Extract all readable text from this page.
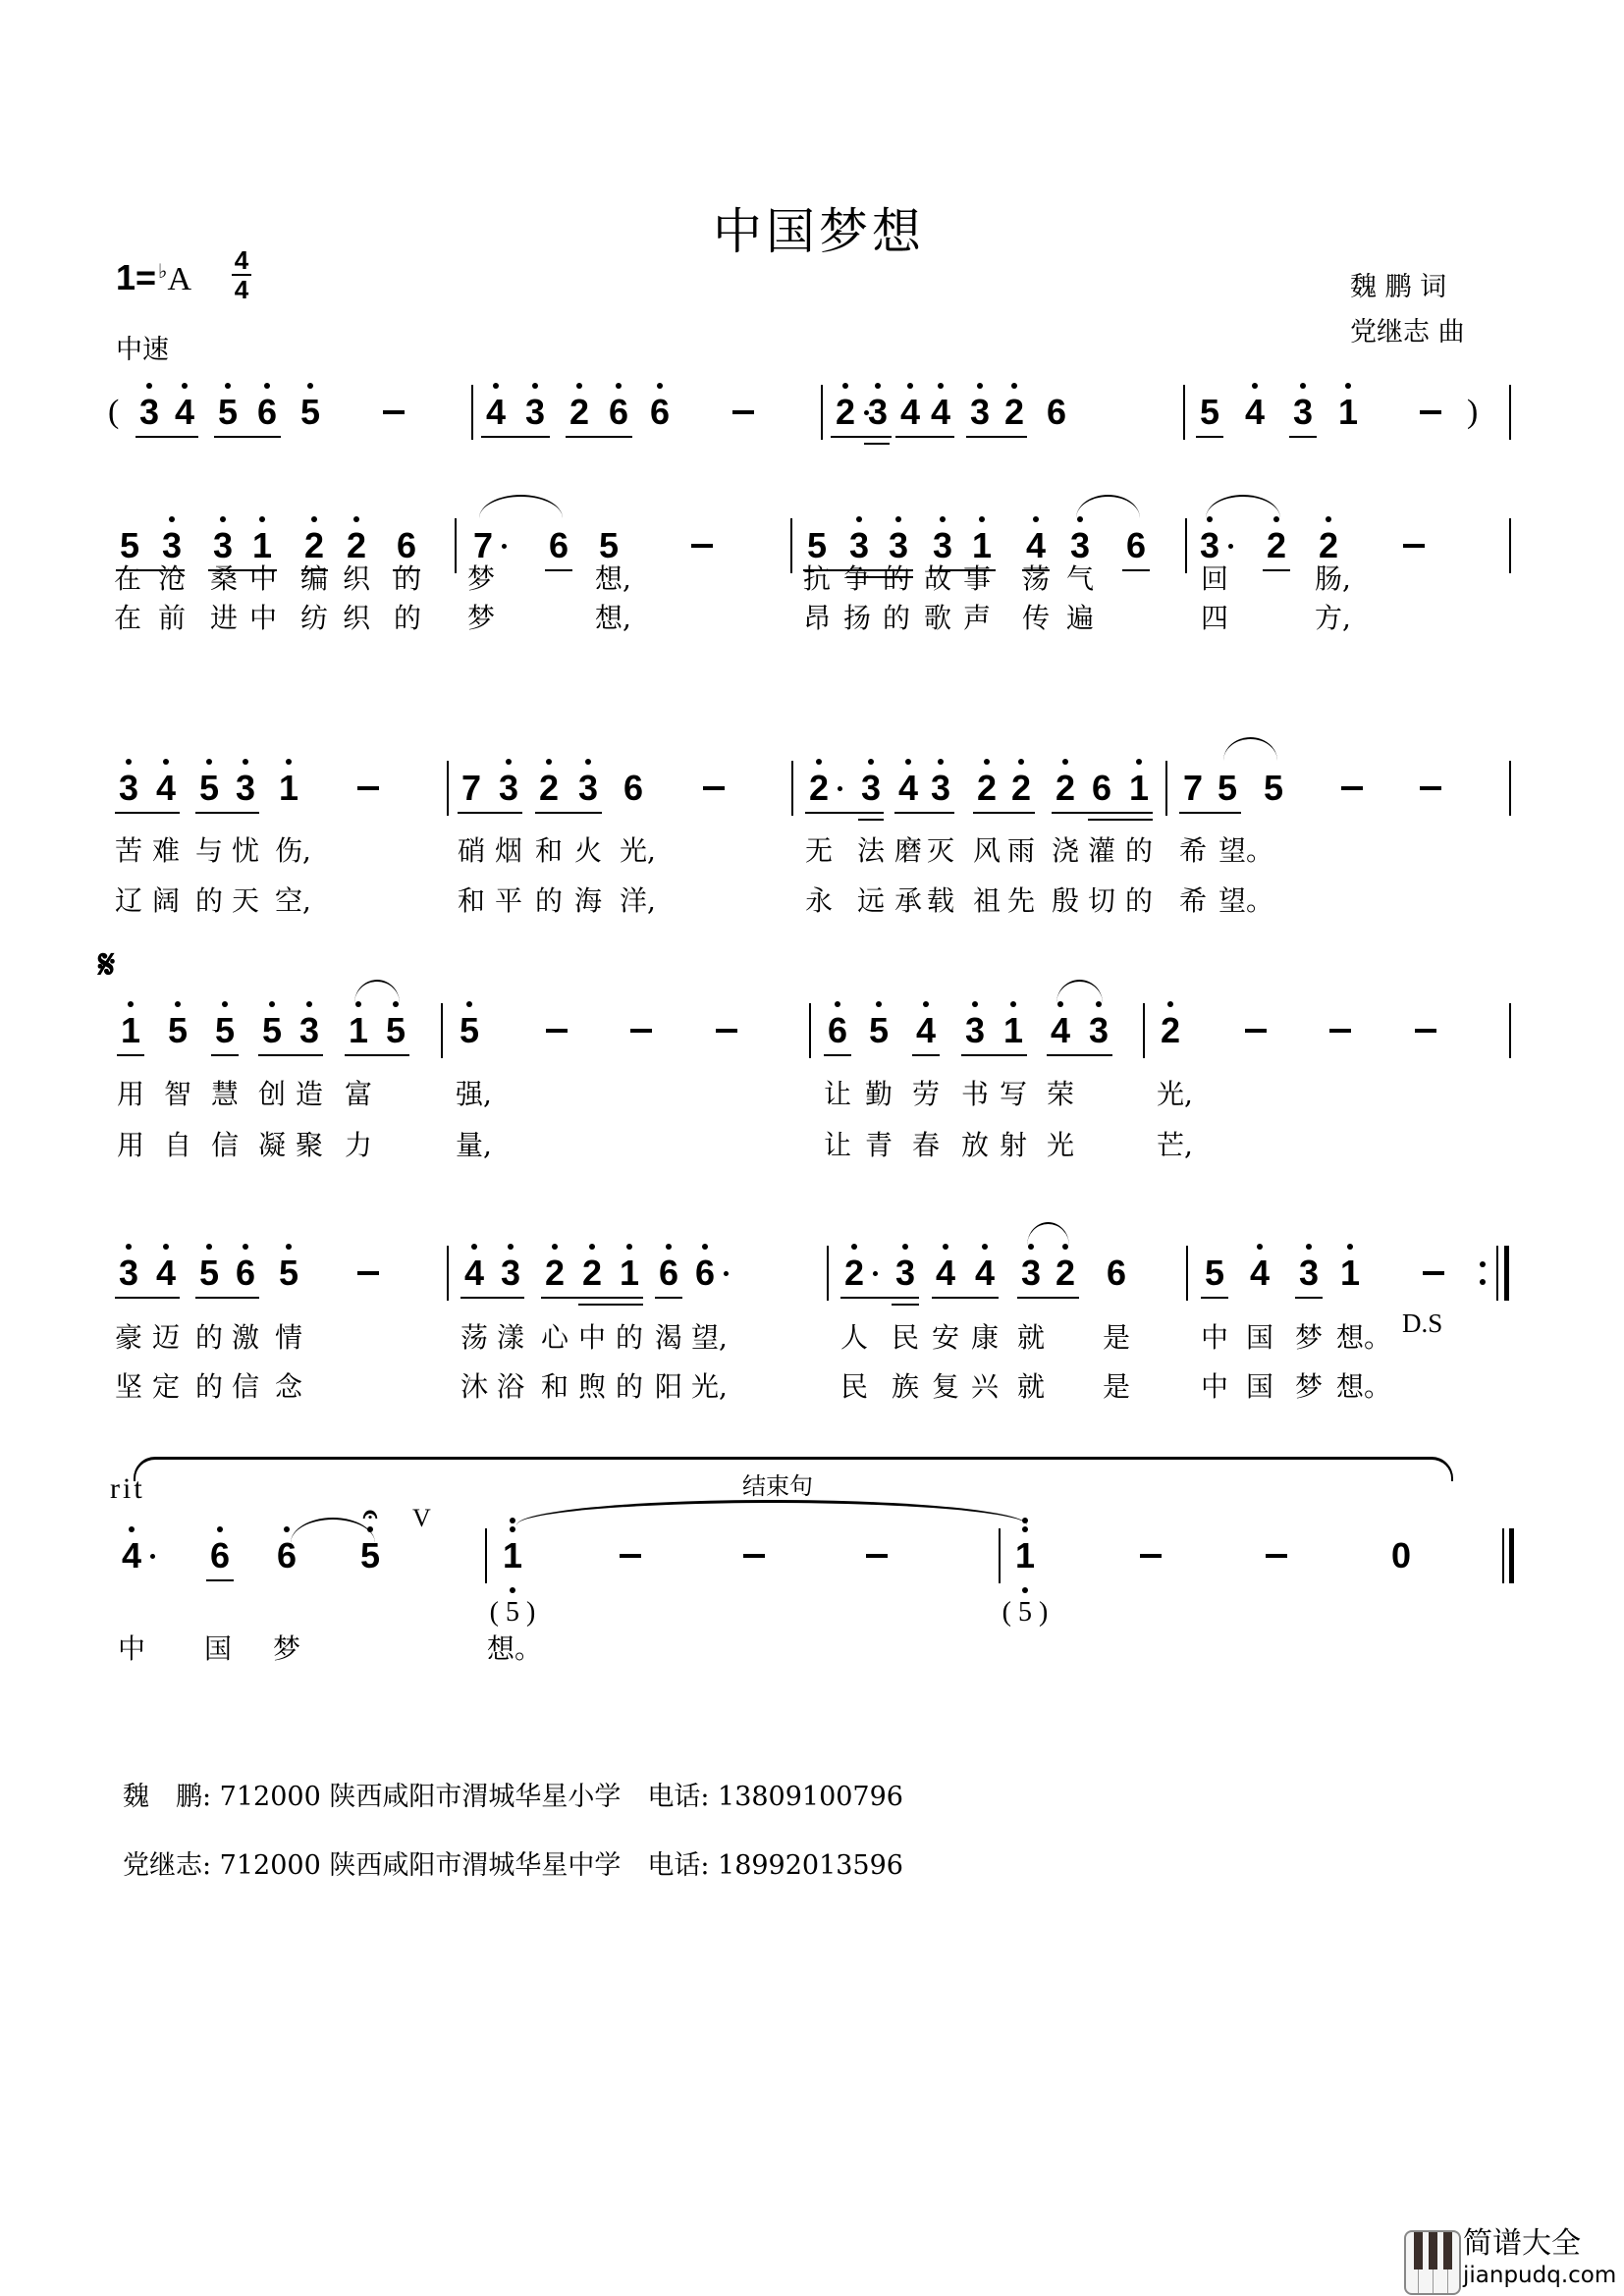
中国梦想
1= ♭A
4
4
中速
魏 鹏 词
党继志 曲
3 4 5 6 5	4 3 2 6 6	2 3 4 4 3 2 6	5 4 3 1
(	)
5 3 3 1 2 2 6 7 6 5	5 3 3 3 1 4 3 6 3 2 2
在 沧 桑 中 编 织 的 梦	想,	抗 争 的 故 事 荡 气	回	肠,
在 前 进 中 纺 织 的 梦	想,	昂 扬 的 歌 声 传 遍	四	方,
3 4 5 3 1	7 3 2 3 6	2 3 4 3 2 2 2 6 1 7 5 5
苦 难 与 忧 伤,	硝 烟 和 火 光,	无 法 磨 灭 风 雨 浇 灌 的 希 望。
辽 阔 的 天 空,	和 平 的 海 洋,	永 远 承 载 祖 先 殷 切 的 希 望。
𝄋
1 5 5 5 3 1 5 5	6 5 4 3 1 4 3 2
用 智 慧 创 造 富	强,	让 勤 劳 书 写 荣	光,
用 自 信 凝 聚 力	量,	让 青 春 放 射 光	芒,
3 4 5 6 5	4 3 2 2 1 6 6	2 3 4 4 3 2 6 5 4 3 1
豪 迈 的 激 情	荡 漾 心 中 的 渴 望,	人 民 安 康 就 是	中 国 梦 想。
坚 定 的 信 念	沐 浴 和 煦 的 阳 光,	民 族 复 兴 就 是	中 国 梦 想。
4 6 6 5
𝄐
1	1	0
( 5 )	( 5 )
中 国 梦	想。
rit	结束句
V
D.S
魏　鹏: 712000 陕西咸阳市渭城华星小学　电话: 13809100796
党继志: 712000 陕西咸阳市渭城华星中学　电话: 18992013596
简谱大全
jianpudq.com
